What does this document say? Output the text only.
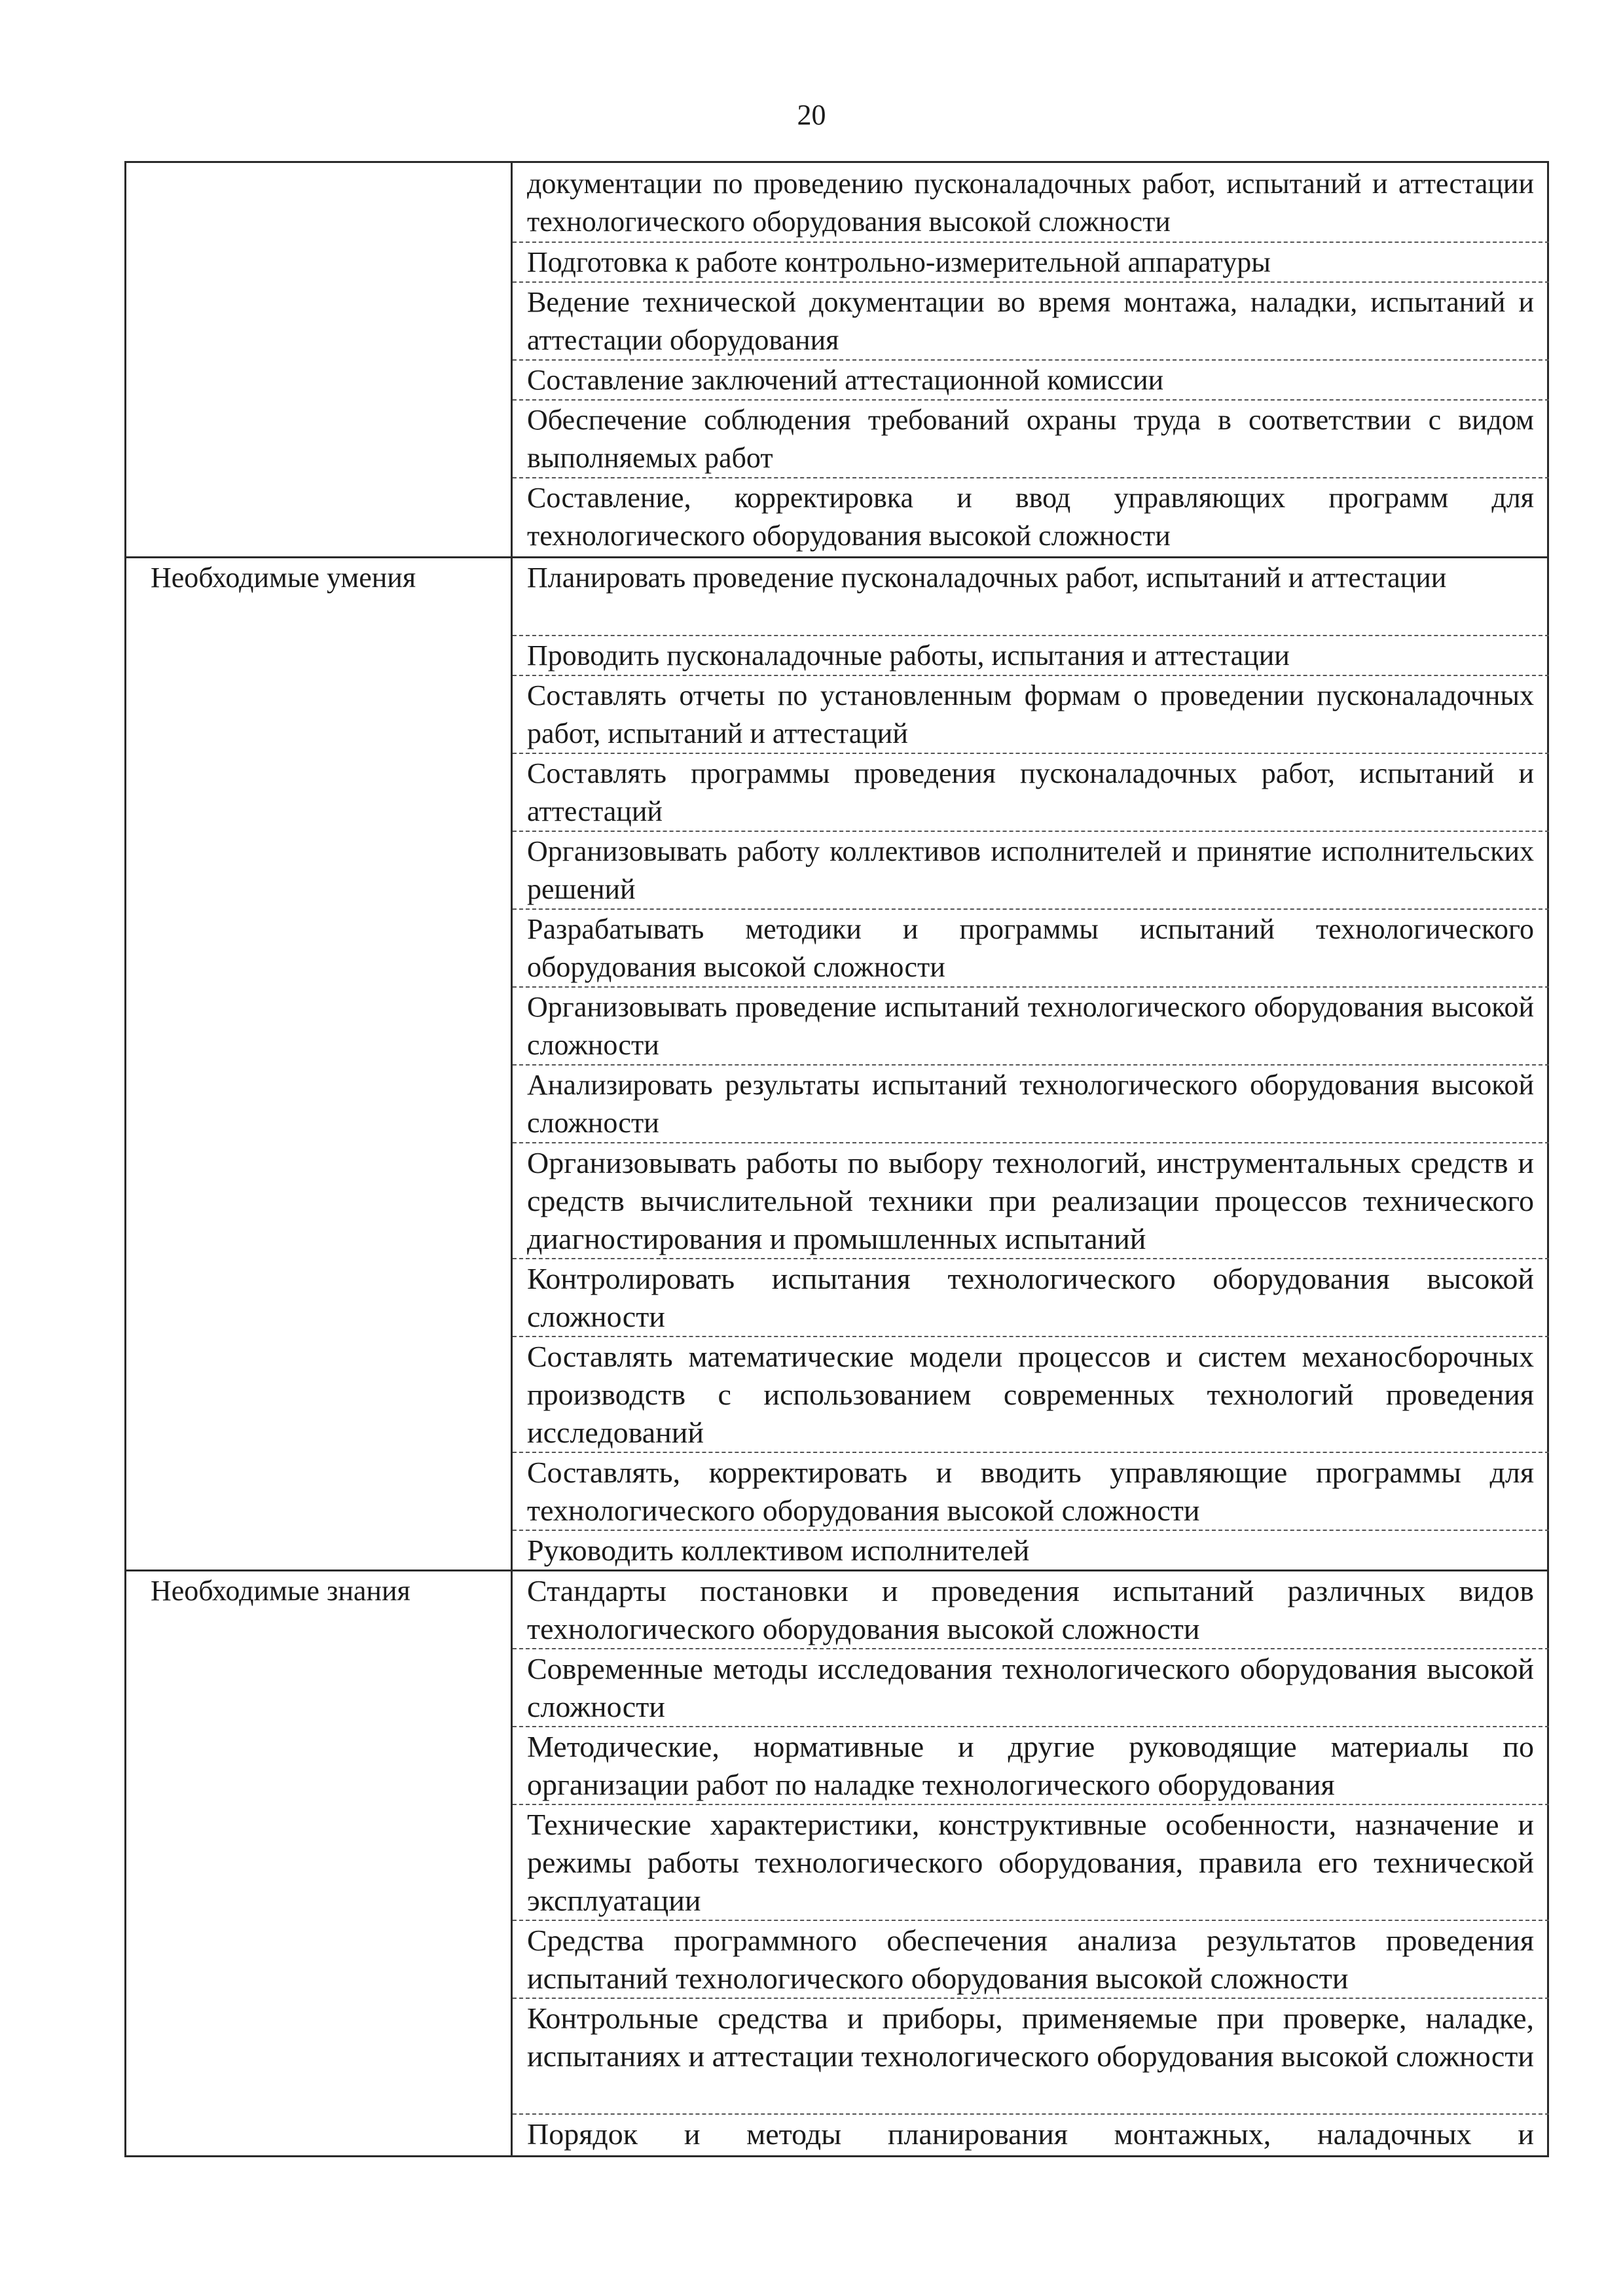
20
документации по проведению пусконаладочных работ, испытаний и аттестации технологического оборудования высокой сложности
Подготовка к работе контрольно-измерительной аппаратуры
Ведение технической документации во время монтажа, наладки, испытаний и аттестации оборудования
Составление заключений аттестационной комиссии
Обеспечение соблюдения требований охраны труда в соответствии с видом выполняемых работ
Составление, корректировка и ввод управляющих программ для технологического оборудования высокой сложности
Необходимые умения	Планировать проведение пусконаладочных работ, испытаний и аттестации
Проводить пусконаладочные работы, испытания и аттестации
Составлять отчеты по установленным формам о проведении пусконаладочных работ, испытаний и аттестаций
Составлять программы проведения пусконаладочных работ, испытаний и аттестаций
Организовывать работу коллективов исполнителей и принятие исполнительских решений
Разрабатывать методики и программы испытаний технологического оборудования высокой сложности
Организовывать проведение испытаний технологического оборудования высокой сложности
Анализировать результаты испытаний технологического оборудования высокой сложности
Организовывать работы по выбору технологий, инструментальных средств и средств вычислительной техники при реализации процессов технического диагностирования и промышленных испытаний
Контролировать испытания технологического оборудования высокой сложности
Составлять математические модели процессов и систем механосборочных производств с использованием современных технологий проведения исследований
Составлять, корректировать и вводить управляющие программы для технологического оборудования высокой сложности
Руководить коллективом исполнителей
Необходимые знания	Стандарты постановки и проведения испытаний различных видов технологического оборудования высокой сложности
Современные методы исследования технологического оборудования высокой сложности
Методические, нормативные и другие руководящие материалы по организации работ по наладке технологического оборудования
Технические характеристики, конструктивные особенности, назначение и режимы работы технологического оборудования, правила его технической эксплуатации
Средства программного обеспечения анализа результатов проведения испытаний технологического оборудования высокой сложности
Контрольные средства и приборы, применяемые при проверке, наладке, испытаниях и аттестации технологического оборудования высокой сложности
Порядок и методы планирования монтажных, наладочных и
